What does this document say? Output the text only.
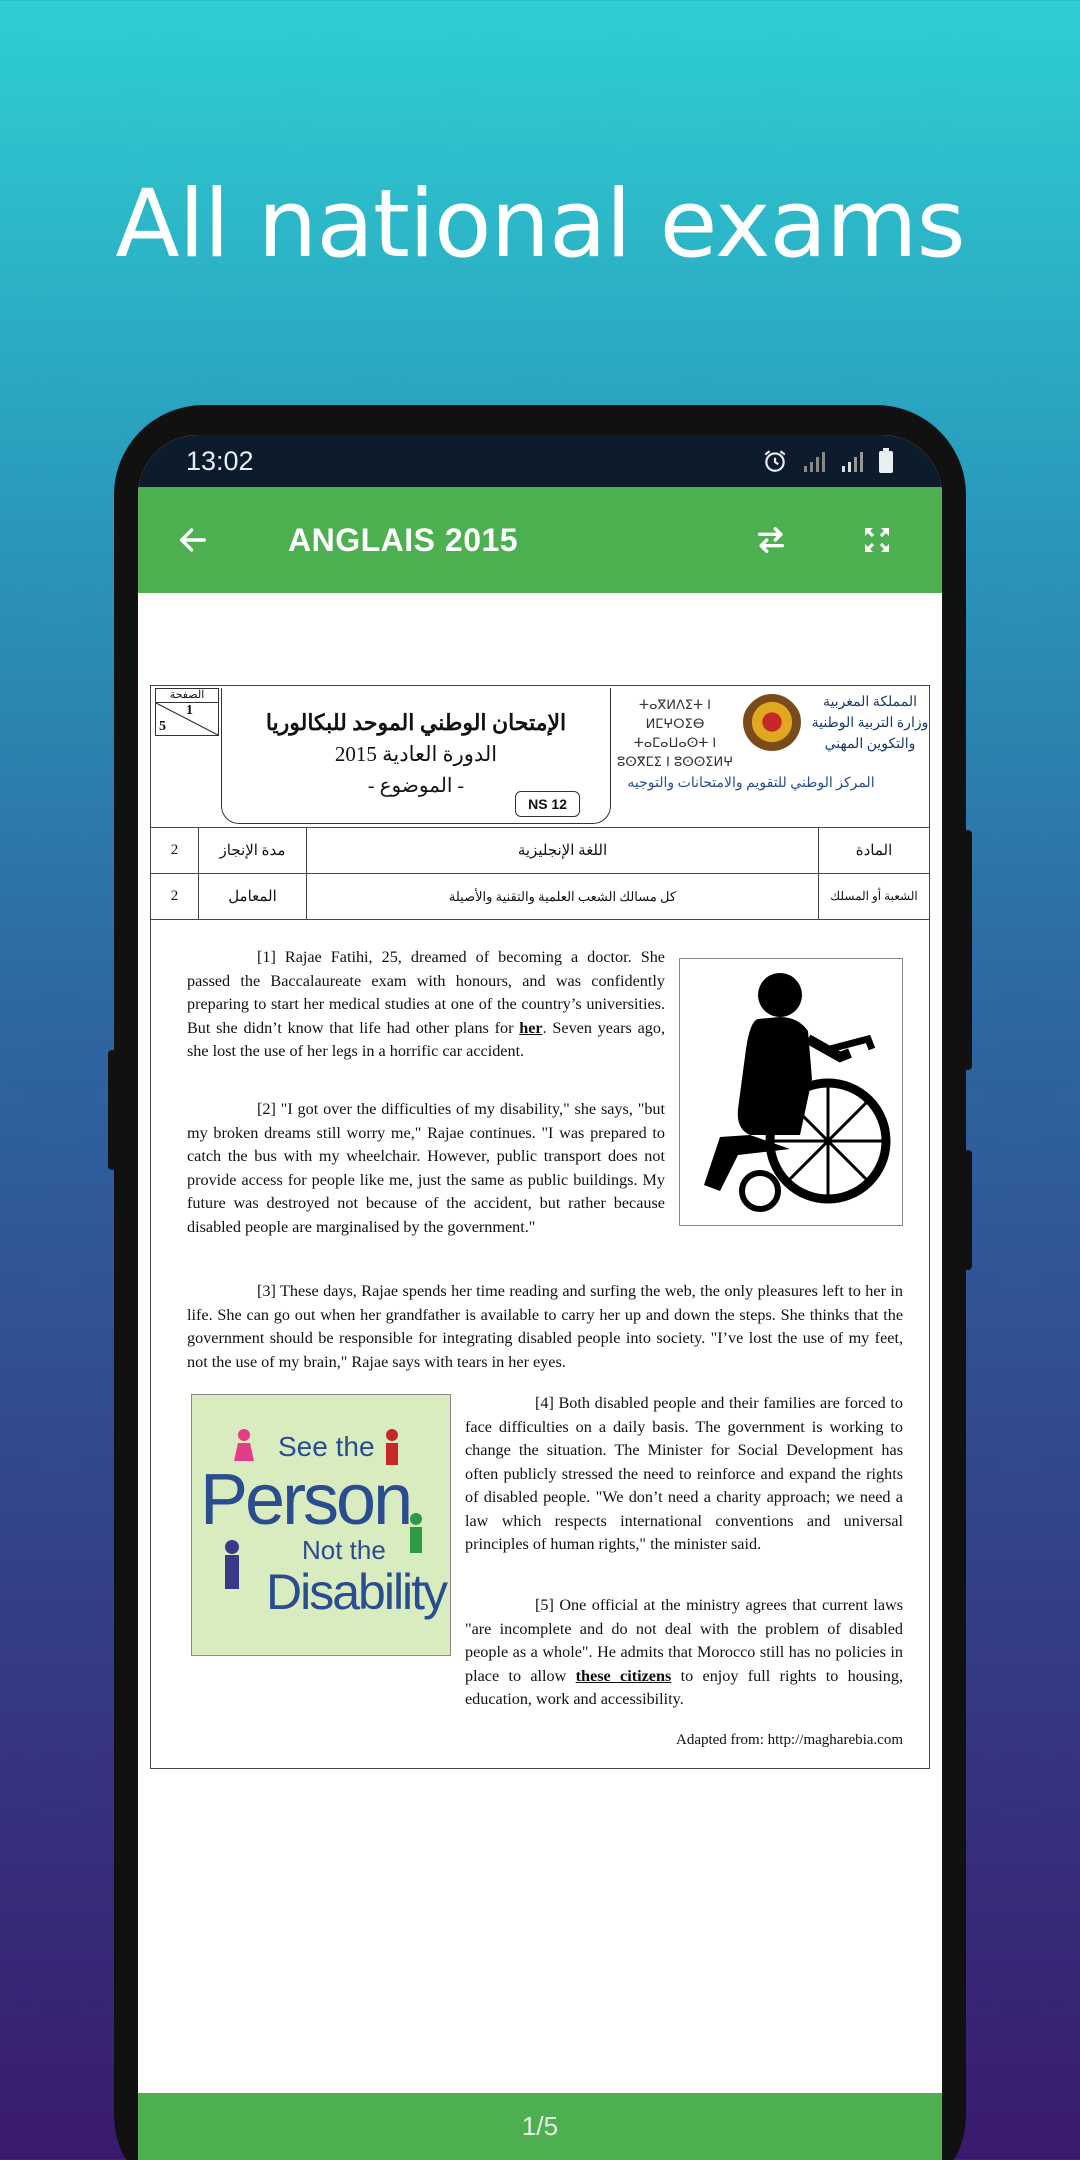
All national exams
13:02
ANGLAIS 2015
الصفحة
1
5	الإمتحان الوطني الموحد للبكالوريا
الدورة العادية 2015
- الموضوع -
NS 12
ⵜⴰⴳⵍⴷⵉⵜ ⵏ ⵍⵎⵖⵔⵉⴱ ⵜⴰⵎⴰⵡⴰⵙⵜ ⵏ ⵓⵙⴳⵎⵉ ⵏ ⵓⵙⵙⵉⵍⵖ
المملكة المغربية وزارة التربية الوطنية والتكوين المهني
المركز الوطني للتقويم والامتحانات والتوجيه
2	مدة الإنجاز	اللغة الإنجليزية	المادة
2	المعامل	كل مسالك الشعب العلمية والتقنية والأصيلة	الشعبة أو المسلك

[1] Rajae Fatihi, 25, dreamed of becoming a doctor. She passed the Baccalaureate exam with honours, and was confidently preparing to start her medical studies at one of the country’s universities. But she didn’t know that life had other plans for her. Seven years ago, she lost the use of her legs in a horrific car accident.

[2] "I got over the difficulties of my disability," she says, "but my broken dreams still worry me," Rajae continues. "I was prepared to catch the bus with my wheelchair. However, public transport does not provide access for people like me, just the same as public buildings. My future was destroyed not because of the accident, but rather because disabled people are marginalised by the government."

[3] These days, Rajae spends her time reading and surfing the web, the only pleasures left to her in life. She can go out when her grandfather is available to carry her up and down the steps. She thinks that the government should be responsible for integrating disabled people into society. "I’ve lost the use of my feet, not the use of my brain," Rajae says with tears in her eyes.

See the
Person
Not the
Disability

[4] Both disabled people and their families are forced to face difficulties on a daily basis. The government is working to change the situation. The Minister for Social Development has often publicly stressed the need to reinforce and expand the rights of disabled people. "We don’t need a charity approach; we need a law which respects international conventions and universal principles of human rights," the minister said.

[5] One official at the ministry agrees that current laws "are incomplete and do not deal with the problem of disabled people as a whole". He admits that Morocco still has no policies in place to allow these citizens to enjoy full rights to housing, education, work and accessibility.

Adapted from: http://magharebia.com
1/5
